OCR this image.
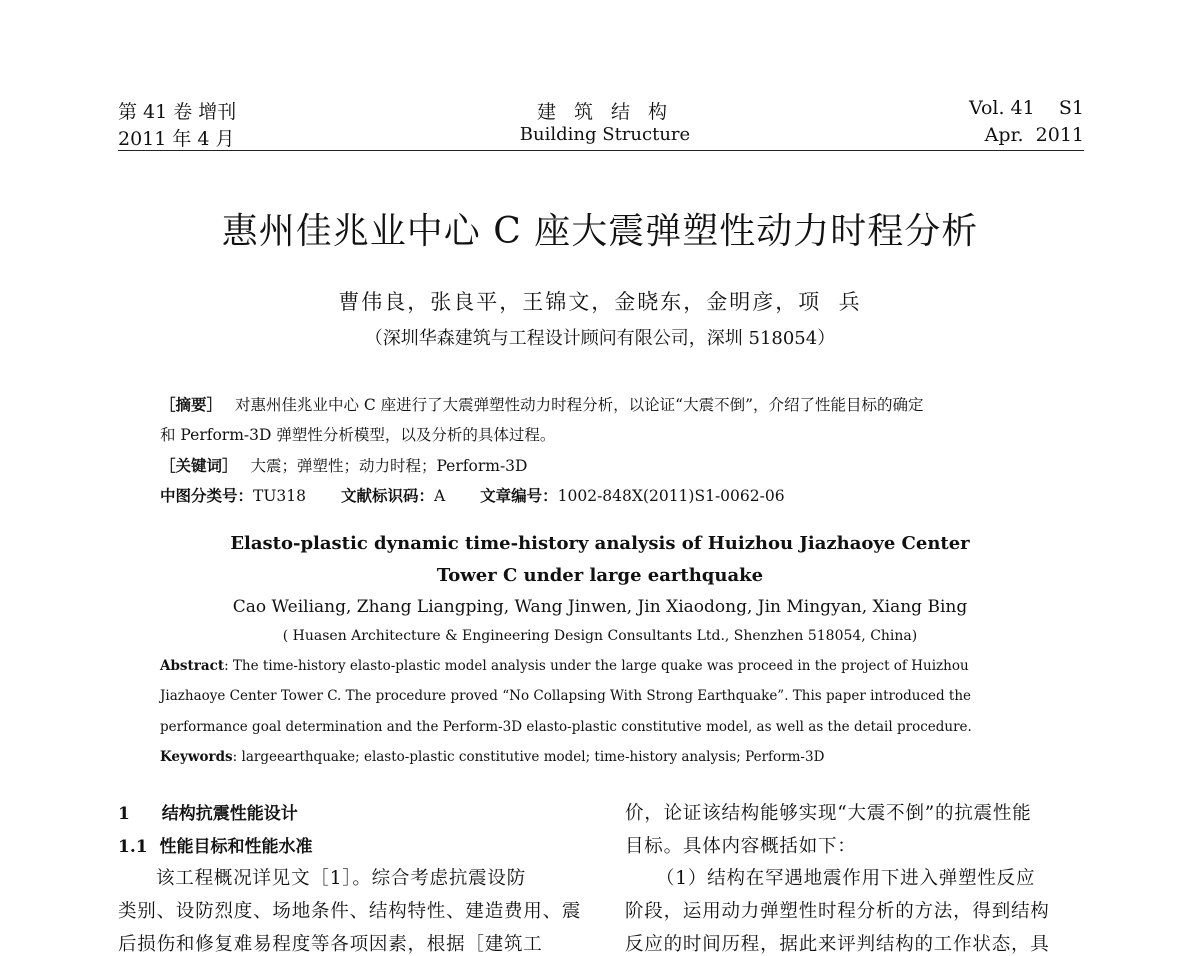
第 41 卷 增刊
2011 年 4 月
建 筑 结 构
Building Structure
Vol. 41    S1
Apr.  2011
惠州佳兆业中心 C 座大震弹塑性动力时程分析
曹伟良，张良平，王锦文，金晓东，金明彦，项  兵
（深圳华森建筑与工程设计顾问有限公司，深圳 518054）
［摘要］ 对惠州佳兆业中心 C 座进行了大震弹塑性动力时程分析，以论证“大震不倒”，介绍了性能目标的确定
和 Perform-3D 弹塑性分析模型，以及分析的具体过程。
［关键词］ 大震；弹塑性；动力时程；Perform-3D
中图分类号：TU318 文献标识码：A 文章编号：1002-848X(2011)S1-0062-06
Elasto-plastic dynamic time-history analysis of Huizhou Jiazhaoye Center
Tower C under large earthquake
Cao Weiliang, Zhang Liangping, Wang Jinwen, Jin Xiaodong, Jin Mingyan, Xiang Bing
( Huasen Architecture & Engineering Design Consultants Ltd., Shenzhen 518054, China)
Abstract: The time-history elasto-plastic model analysis under the large quake was proceed in the project of Huizhou
Jiazhaoye Center Tower C. The procedure proved “No Collapsing With Strong Earthquake”. This paper introduced the
performance goal determination and the Perform-3D elasto-plastic constitutive model, as well as the detail procedure.
Keywords: largeearthquake; elasto-plastic constitutive model; time-history analysis; Perform-3D
1 结构抗震性能设计
1.1 性能目标和性能水准
该工程概况详见文［1］。综合考虑抗震设防
类别、设防烈度、场地条件、结构特性、建造费用、震
后损伤和修复难易程度等各项因素，根据［建筑工
价，论证该结构能够实现“大震不倒”的抗震性能
目标。具体内容概括如下：
（1）结构在罕遇地震作用下进入弹塑性反应
阶段，运用动力弹塑性时程分析的方法，得到结构
反应的时间历程，据此来评判结构的工作状态，具
